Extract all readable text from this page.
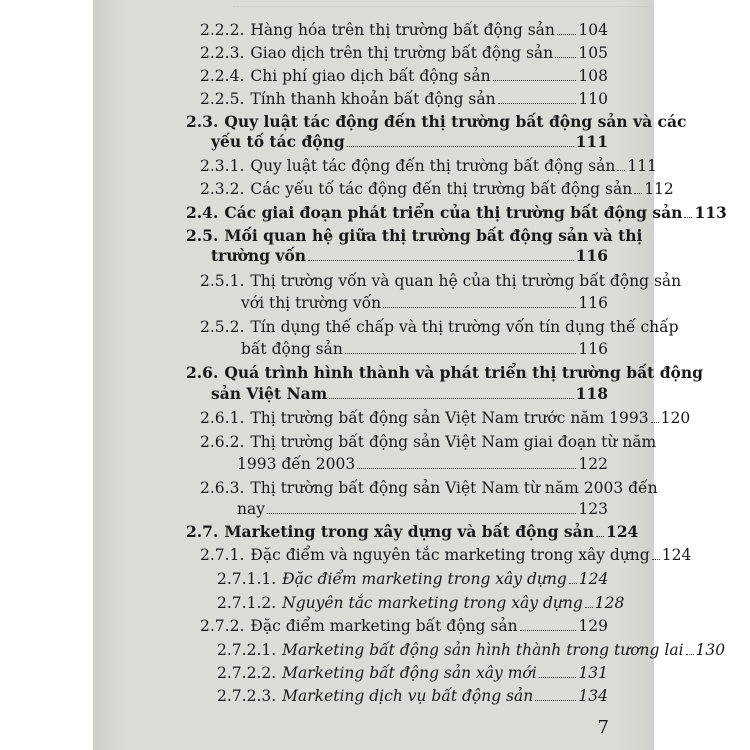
2.2.2. Hàng hóa trên thị trường bất động sản 104
2.2.3. Giao dịch trên thị trường bất động sản 105
2.2.4. Chi phí giao dịch bất động sản	108
2.2.5. Tính thanh khoản bất động sản	110
2.3. Quy luật tác động đến thị trường bất động sản và các
yếu tố tác động	111
2.3.1. Quy luật tác động đến thị trường bất động sản 111
2.3.2. Các yếu tố tác động đến thị trường bất động sản 112
2.4. Các giai đoạn phát triển của thị trường bất động sản 113
2.5. Mối quan hệ giữa thị trường bất động sản và thị
trường vốn	116
2.5.1. Thị trường vốn và quan hệ của thị trường bất động sản
với thị trường vốn	116
2.5.2. Tín dụng thế chấp và thị trường vốn tín dụng thế chấp
bất động sản	116
2.6. Quá trình hình thành và phát triển thị trường bất động
sản Việt Nam	118
2.6.1. Thị trường bất động sản Việt Nam trước năm 1993 120
2.6.2. Thị trường bất động sản Việt Nam giai đoạn từ năm
1993 đến 2003	122
2.6.3. Thị trường bất động sản Việt Nam từ năm 2003 đến
nay	123
2.7. Marketing trong xây dựng và bất động sản 124
2.7.1. Đặc điểm và nguyên tắc marketing trong xây dựng 124
2.7.1.1. Đặc điểm marketing trong xây dựng 124
2.7.1.2. Nguyên tắc marketing trong xây dựng 128
2.7.2. Đặc điểm marketing bất động sản	129
2.7.2.1. Marketing bất động sản hình thành trong tương lai 130
2.7.2.2. Marketing bất động sản xây mới	131
2.7.2.3. Marketing dịch vụ bất động sản	134
7
